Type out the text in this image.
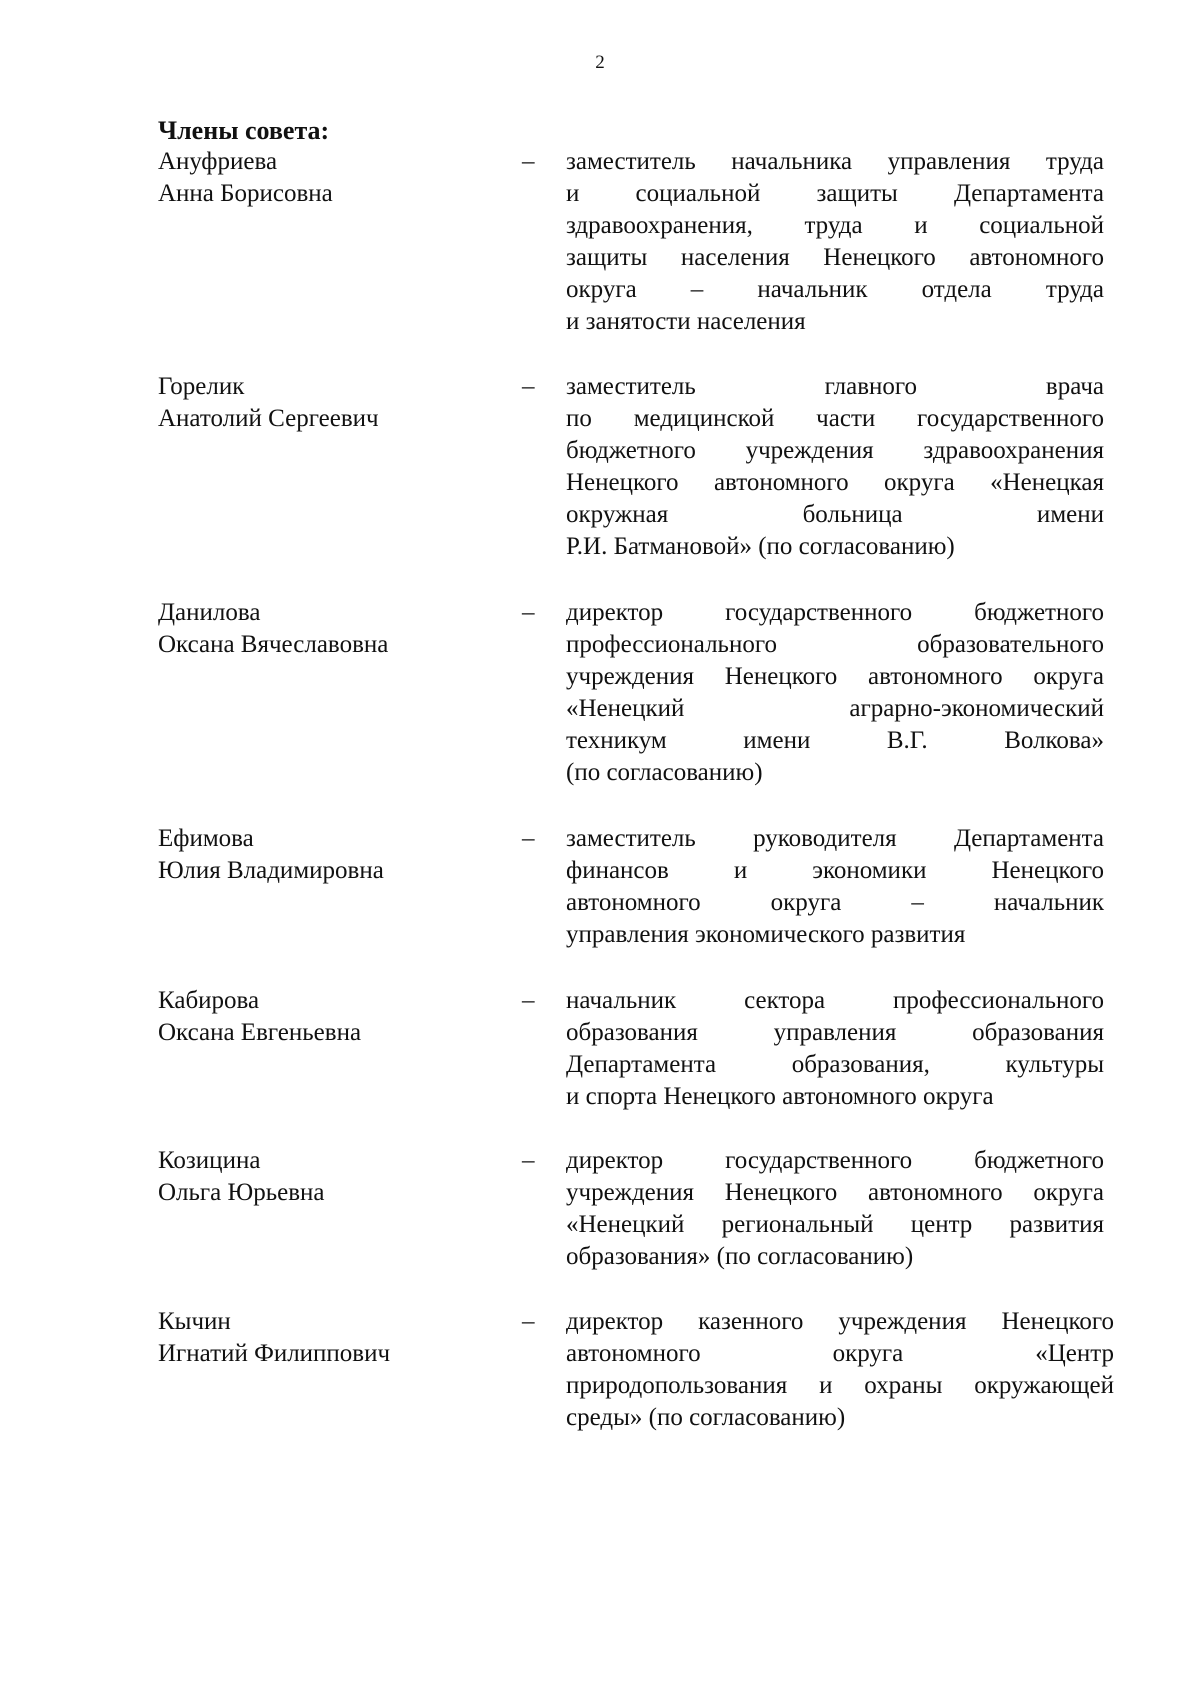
2
Члены совета:
Ануфриева
Анна Борисовна
– заместитель начальника управления труда
и социальной защиты Департамента
здравоохранения, труда и социальной
защиты населения Ненецкого автономного
округа – начальник отдела труда
и занятости населения
Горелик
Анатолий Сергеевич
– заместитель главного врача
по медицинской части государственного
бюджетного учреждения здравоохранения
Ненецкого автономного округа «Ненецкая
окружная больница имени
Р.И. Батмановой» (по согласованию)
Данилова
Оксана Вячеславовна
– директор государственного бюджетного
профессионального образовательного
учреждения Ненецкого автономного округа
«Ненецкий аграрно-экономический
техникум имени В.Г. Волкова»
(по согласованию)
Ефимова
Юлия Владимировна
– заместитель руководителя Департамента
финансов и экономики Ненецкого
автономного округа – начальник
управления экономического развития
Кабирова
Оксана Евгеньевна
– начальник сектора профессионального
образования управления образования
Департамента образования, культуры
и спорта Ненецкого автономного округа
Козицина
Ольга Юрьевна
– директор государственного бюджетного
учреждения Ненецкого автономного округа
«Ненецкий региональный центр развития
образования» (по согласованию)
Кычин
Игнатий Филиппович
– директор казенного учреждения Ненецкого
автономного округа «Центр
природопользования и охраны окружающей
среды» (по согласованию)
